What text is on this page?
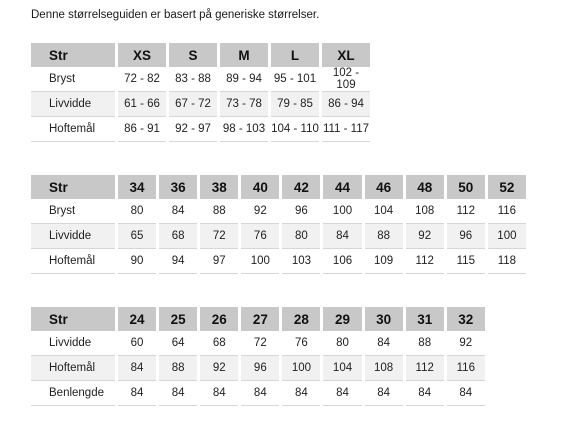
Denne størrelseguiden er basert på generiske størrelser.
Str	XS	S	M	L	XL
Bryst	72 - 82	83 - 88	89 - 94	95 - 101	102 - 109
Livvidde	61 - 66	67 - 72	73 - 78	79 - 85	86 - 94
Hoftemål	86 - 91	92 - 97	98 - 103	104 - 110	111 - 117
Str	34	36	38	40	42	44	46	48	50	52
Bryst	80	84	88	92	96	100	104	108	112	116
Livvidde	65	68	72	76	80	84	88	92	96	100
Hoftemål	90	94	97	100	103	106	109	112	115	118
Str	24	25	26	27	28	29	30	31	32
Livvidde	60	64	68	72	76	80	84	88	92
Hoftemål	84	88	92	96	100	104	108	112	116
Benlengde	84	84	84	84	84	84	84	84	84
